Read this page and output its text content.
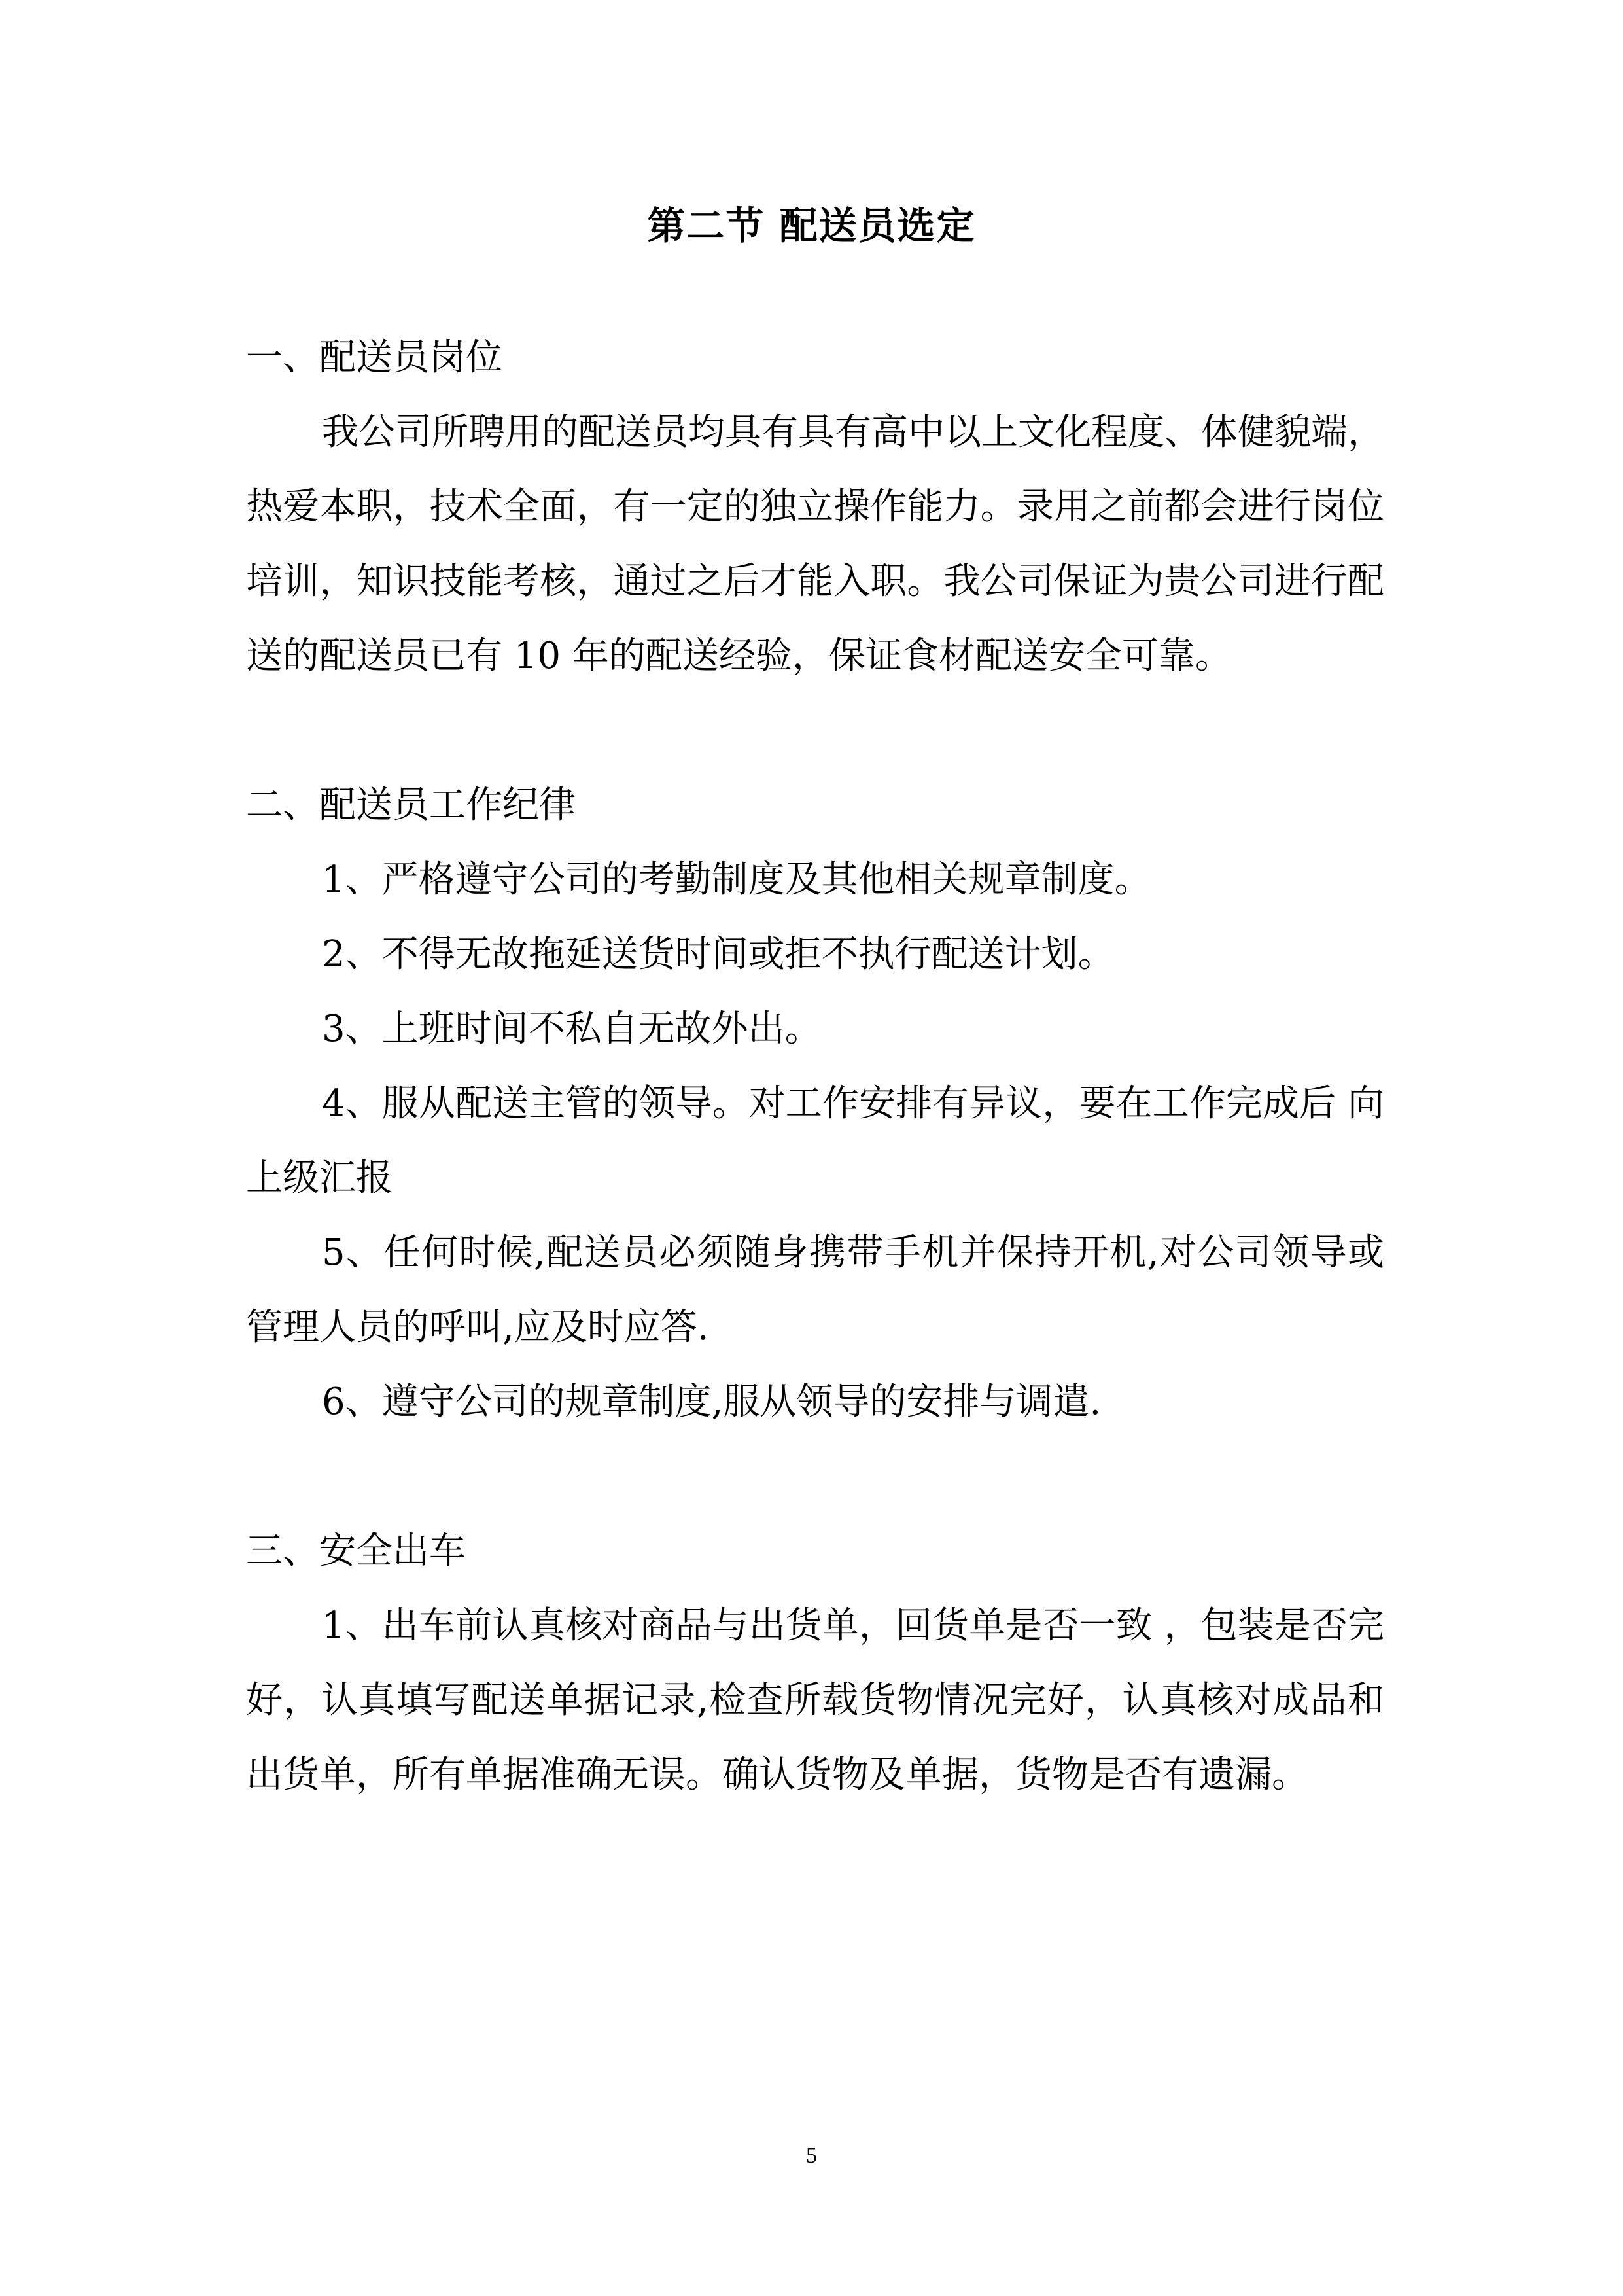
第二节 配送员选定

一、配送员岗位

我公司所聘用的配送员均具有具有高中以上文化程度、体健貌端， 热爱本职，技术全面，有一定的独立操作能力。录用之前都会进行岗位培训，知识技能考核，通过之后才能入职。我公司保证为贵公司进行配送的配送员已有 10 年的配送经验，保证食材配送安全可靠。

二、配送员工作纪律

1、严格遵守公司的考勤制度及其他相关规章制度。

2、不得无故拖延送货时间或拒不执行配送计划。

3、上班时间不私自无故外出。

4、服从配送主管的领导。对工作安排有异议，要在工作完成后 向上级汇报

5、任何时候,配送员必须随身携带手机并保持开机,对公司领导或管理人员的呼叫,应及时应答.

6、遵守公司的规章制度,服从领导的安排与调遣.

三、安全出车

1、出车前认真核对商品与出货单，回货单是否一致 ，包装是否完好，认真填写配送单据记录,检查所载货物情况完好，认真核对成品和出货单，所有单据准确无误。确认货物及单据，货物是否有遗漏。

5
